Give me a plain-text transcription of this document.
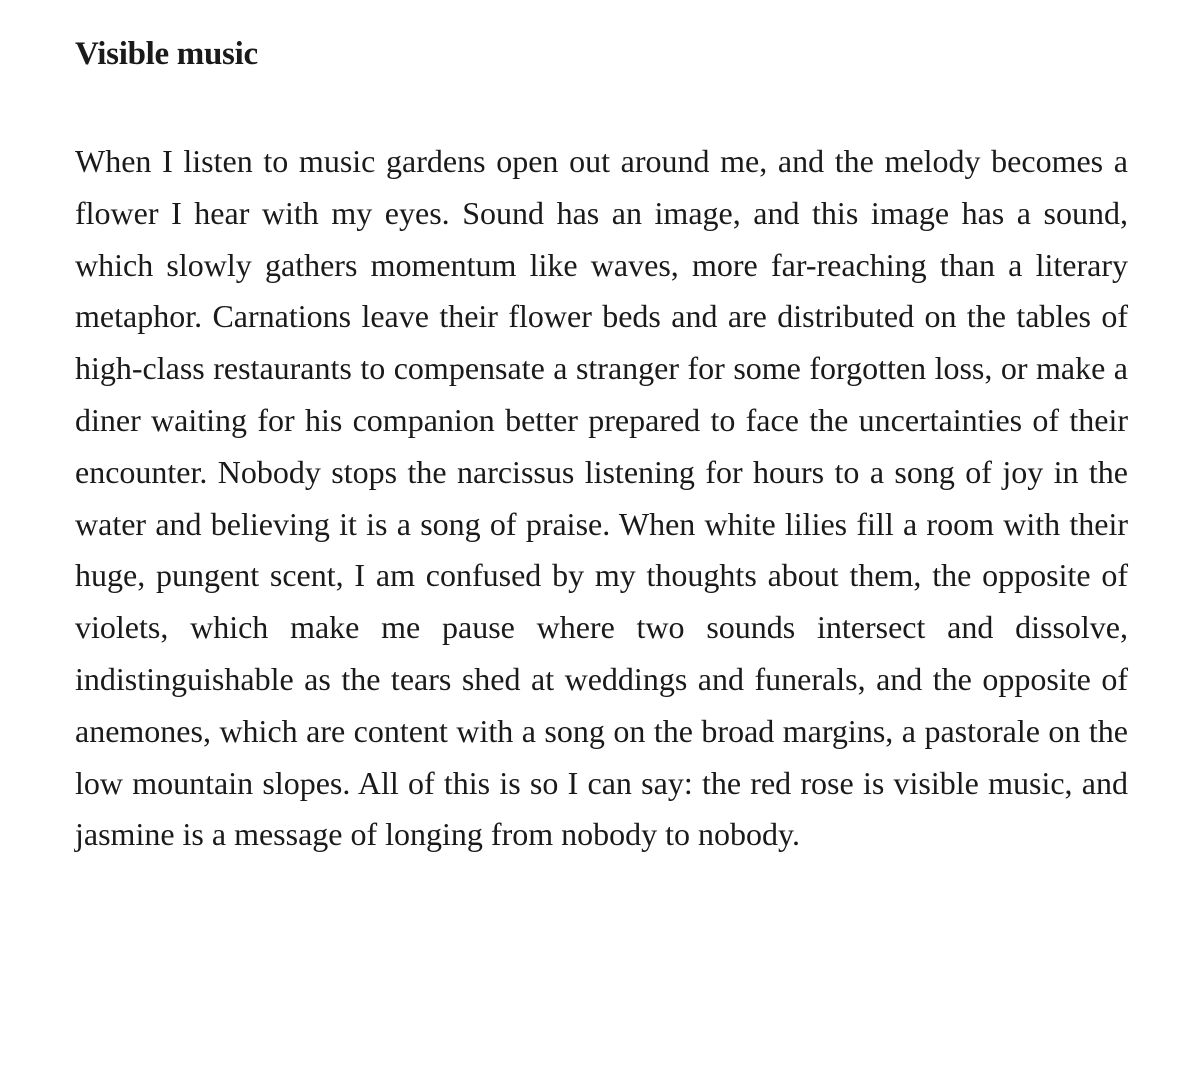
Visible music

When I listen to music gardens open out around me, and the melody becomes a flower I hear with my eyes. Sound has an image, and this image has a sound, which slowly gathers momentum like waves, more far-reaching than a literary metaphor. Carnations leave their flower beds and are distributed on the tables of high-class restaurants to compensate a stranger for some forgotten loss, or make a diner waiting for his companion better prepared to face the uncertainties of their encounter. Nobody stops the narcissus listening for hours to a song of joy in the water and believing it is a song of praise. When white lilies fill a room with their huge, pungent scent, I am confused by my thoughts about them, the opposite of violets, which make me pause where two sounds intersect and dissolve, indistinguishable as the tears shed at weddings and funerals, and the opposite of anemones, which are content with a song on the broad margins, a pastorale on the low mountain slopes. All of this is so I can say: the red rose is visible music, and jasmine is a message of longing from nobody to nobody.
